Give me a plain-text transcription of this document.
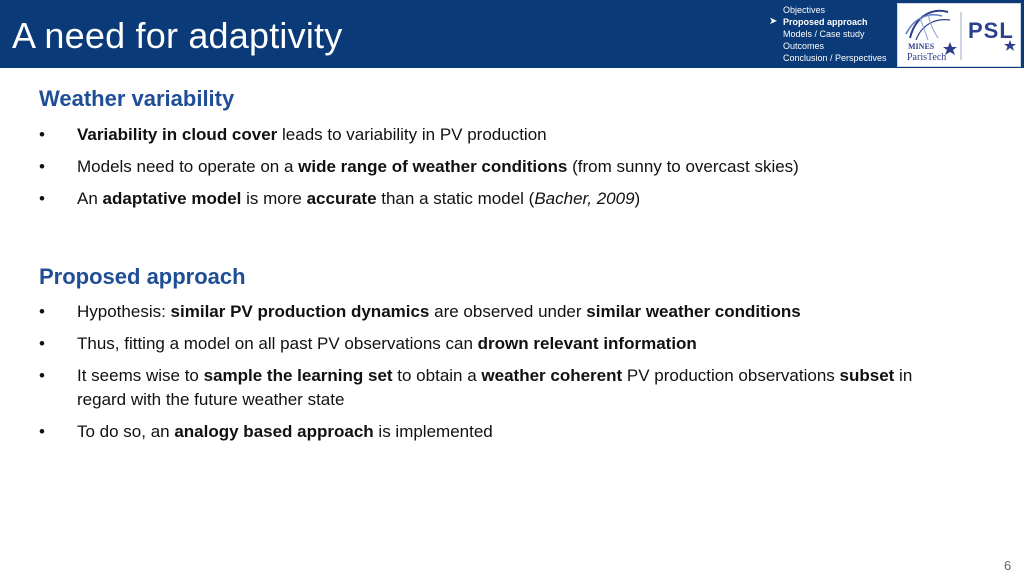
A need for adaptivity
Objectives
➤ Proposed approach
Models / Case study
Outcomes
Conclusion / Perspectives
MINES
ParisTech
PSL
Weather variability
• Variability in cloud cover leads to variability in PV production
• Models need to operate on a wide range of weather conditions (from sunny to overcast skies)
• An adaptative model is more accurate than a static model (Bacher, 2009)
Proposed approach
• Hypothesis: similar PV production dynamics are observed under similar weather conditions
• Thus, fitting a model on all past PV observations can drown relevant information
• It seems wise to sample the learning set to obtain a weather coherent PV production observations subset in regard with the future weather state
• To do so, an analogy based approach is implemented
6
